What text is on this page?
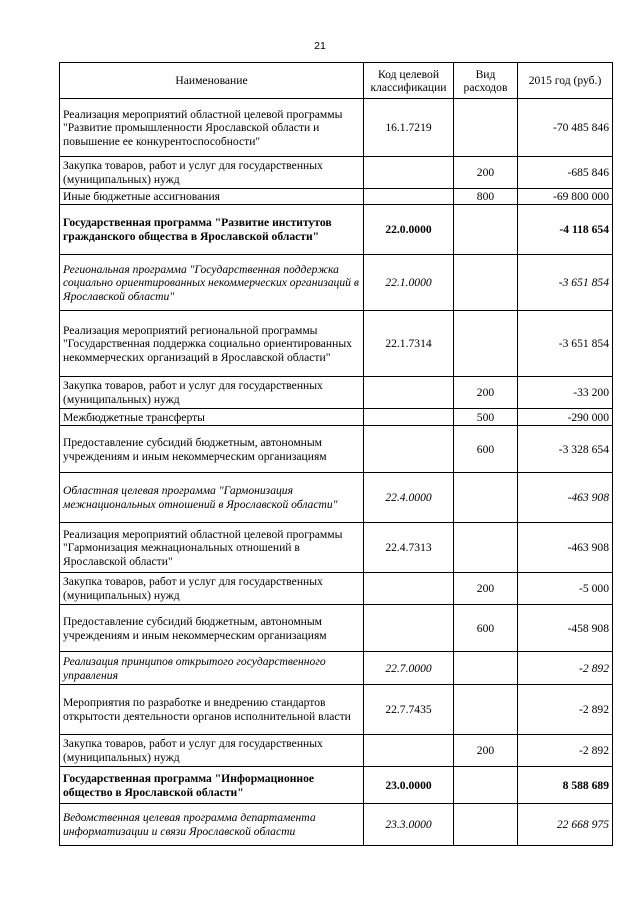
21
Наименование	Код целевой классификации	Вид расходов	2015 год (руб.)
Реализация мероприятий областной целевой программы "Развитие промышленности Ярославской области и повышение ее конкурентоспособности"	16.1.7219		-70 485 846
Закупка товаров, работ и услуг для государственных (муниципальных) нужд		200	-685 846
Иные бюджетные ассигнования		800	-69 800 000
Государственная программа "Развитие институтов гражданского общества в Ярославской области"	22.0.0000		-4 118 654
Региональная программа "Государственная поддержка социально ориентированных некоммерческих организаций в Ярославской области"	22.1.0000		-3 651 854
Реализация мероприятий региональной программы "Государственная поддержка социально ориентированных некоммерческих организаций в Ярославской области"	22.1.7314		-3 651 854
Закупка товаров, работ и услуг для государственных (муниципальных) нужд		200	-33 200
Межбюджетные трансферты		500	-290 000
Предоставление субсидий бюджетным, автономным учреждениям и иным некоммерческим организациям		600	-3 328 654
Областная целевая программа "Гармонизация межнациональных отношений в Ярославской области"	22.4.0000		-463 908
Реализация мероприятий областной целевой программы "Гармонизация межнациональных отношений в Ярославской области"	22.4.7313		-463 908
Закупка товаров, работ и услуг для государственных (муниципальных) нужд		200	-5 000
Предоставление субсидий бюджетным, автономным учреждениям и иным некоммерческим организациям		600	-458 908
Реализация принципов открытого государственного управления	22.7.0000		-2 892
Мероприятия по разработке и внедрению стандартов открытости деятельности органов исполнительной власти	22.7.7435		-2 892
Закупка товаров, работ и услуг для государственных (муниципальных) нужд		200	-2 892
Государственная программа "Информационное общество в Ярославской области"	23.0.0000		8 588 689
Ведомственная целевая программа департамента информатизации и связи Ярославской области	23.3.0000		22 668 975
